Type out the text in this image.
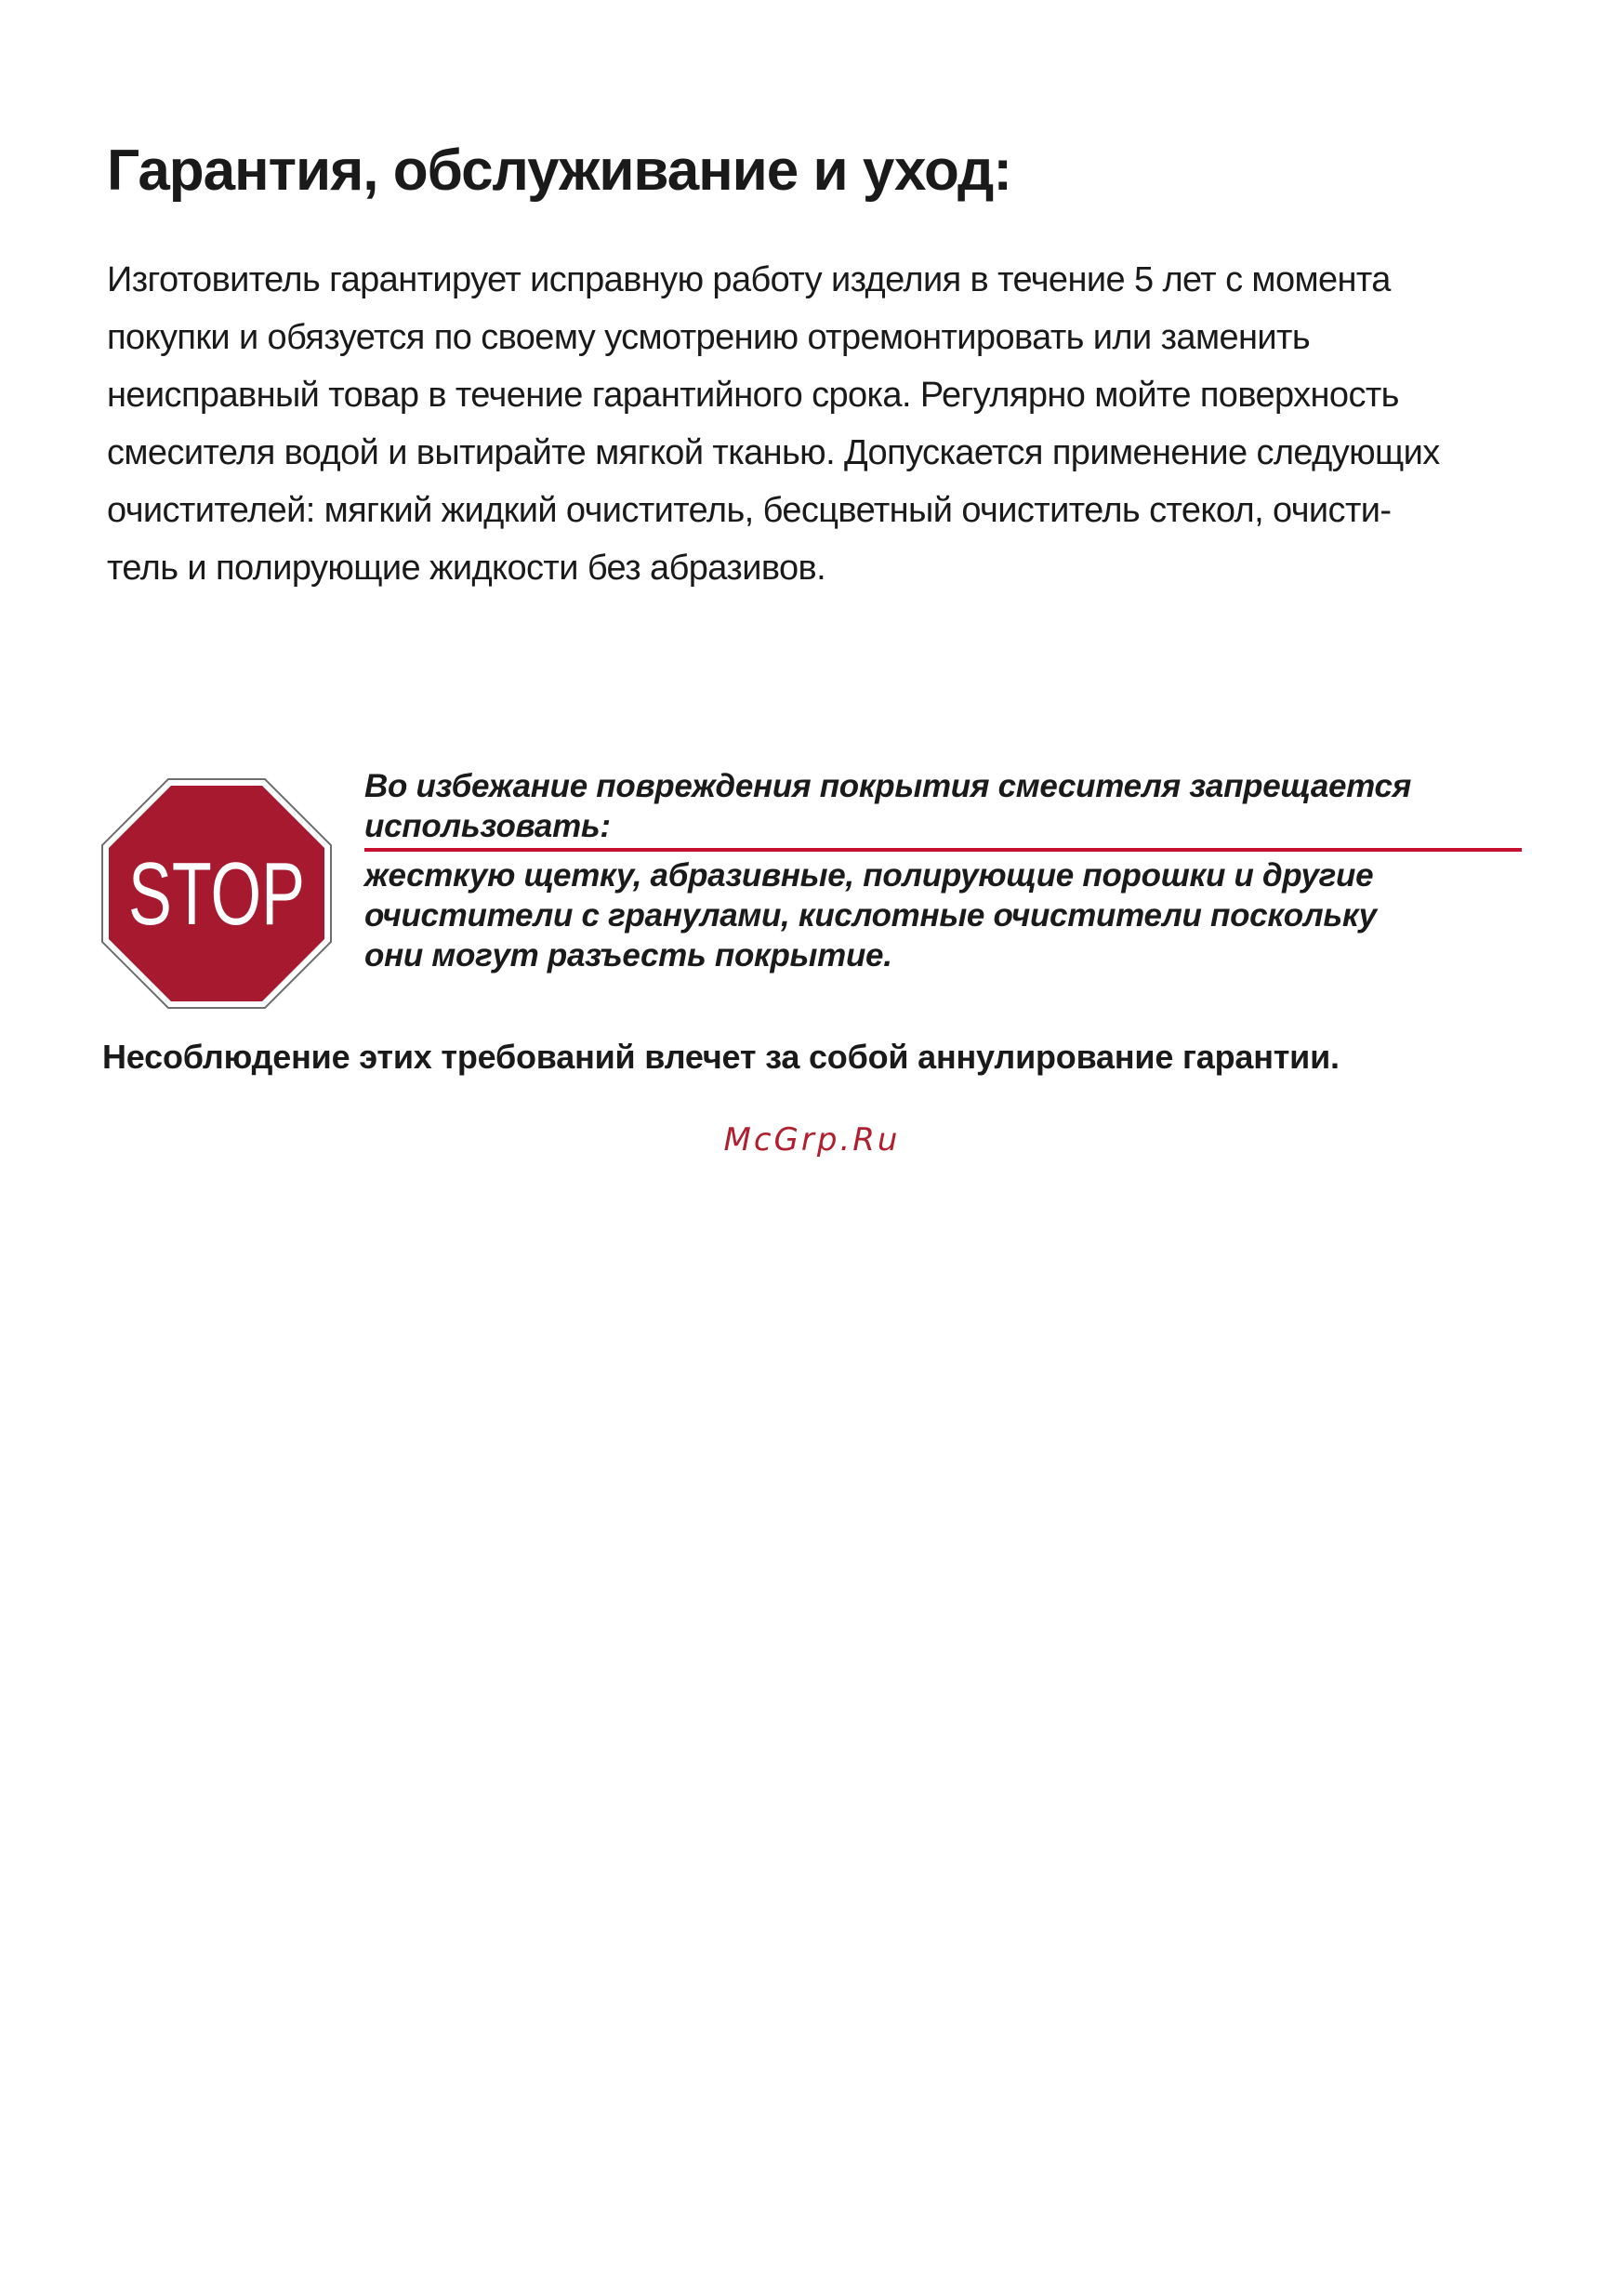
Гарантия, обслуживание и уход:
Изготовитель гарантирует исправную работу изделия в течение 5 лет с момента
покупки и обязуется по своему усмотрению отремонтировать или заменить
неисправный товар в течение гарантийного срока. Регулярно мойте поверхность
смесителя водой и вытирайте мягкой тканью. Допускается применение следующих
очистителей: мягкий жидкий очиститель, бесцветный очиститель стекол, очисти-
тель и полирующие жидкости без абразивов.
STOP
Во избежание повреждения покрытия смесителя запрещается
использовать:
жесткую щетку, абразивные, полирующие порошки и другие
очистители с гранулами, кислотные очистители поскольку
они могут разъесть покрытие.

Несоблюдение этих требований влечет за собой аннулирование гарантии.

McGrp.Ru
